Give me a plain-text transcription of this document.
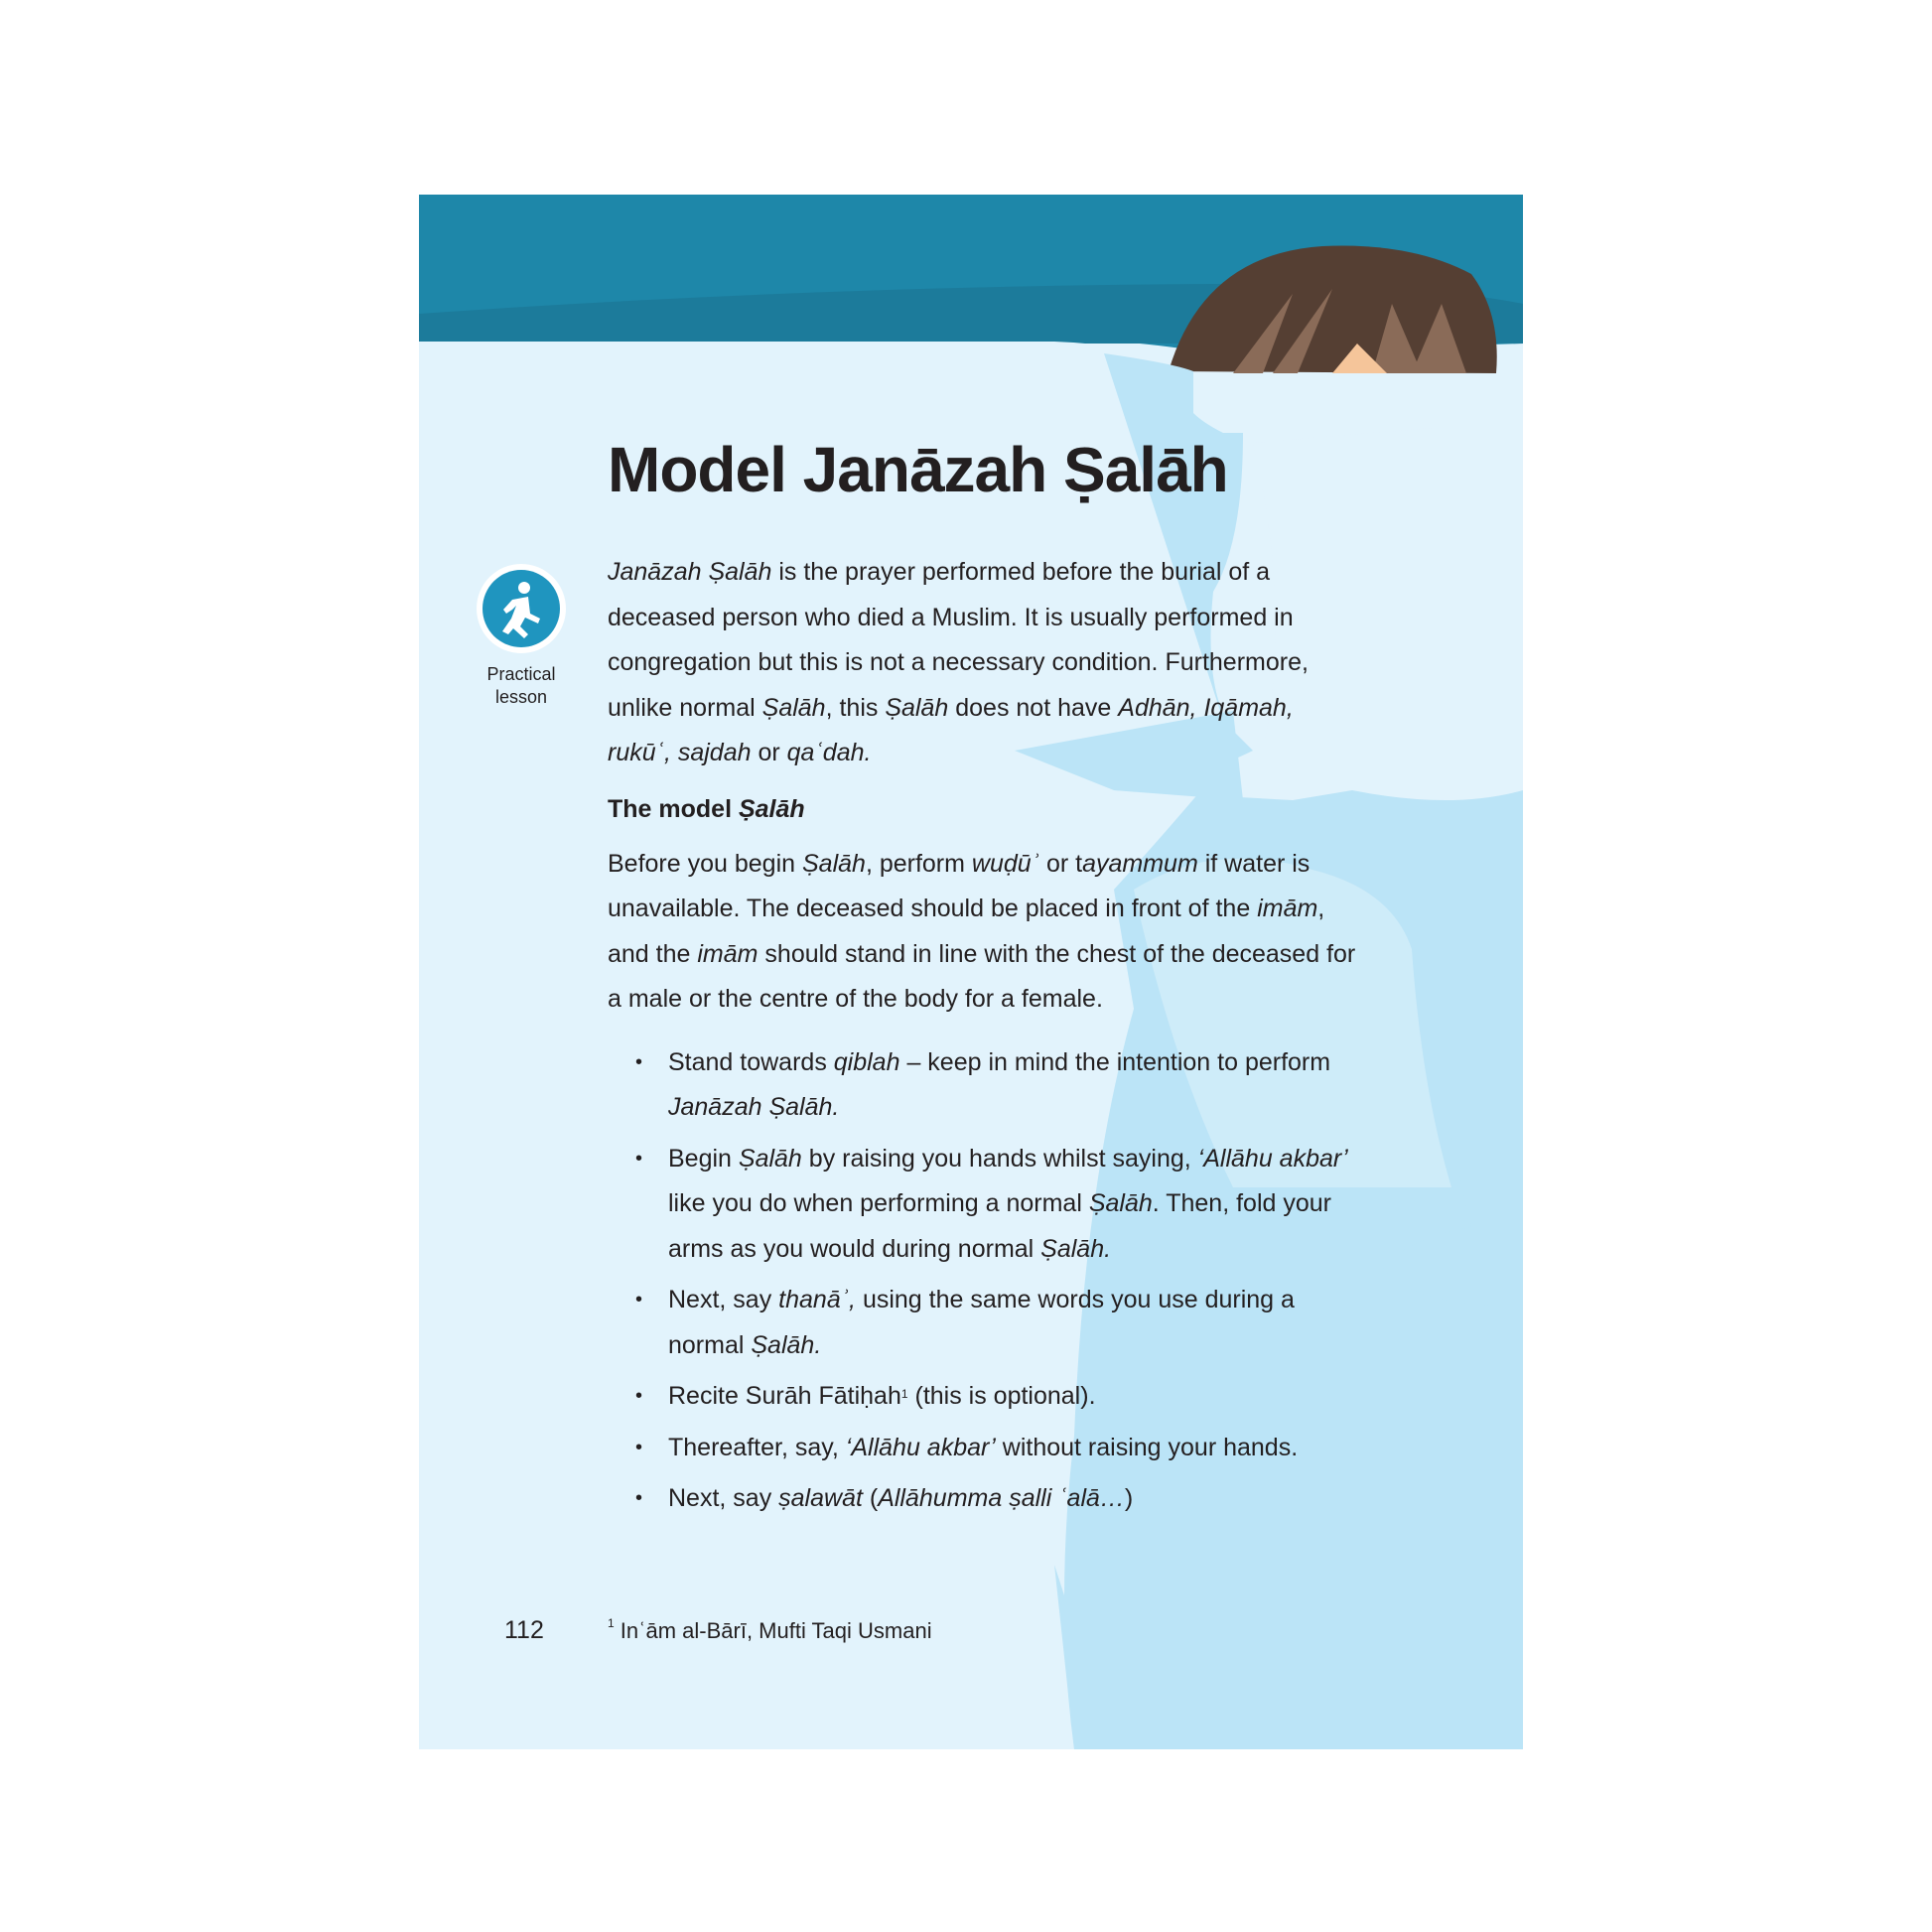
Model Janāzah Ṣalāh
Practical
lesson

Janāzah Ṣalāh is the prayer performed before the burial of a deceased person who died a Muslim. It is usually performed in congregation but this is not a necessary condition. Furthermore, unlike normal Ṣalāh, this Ṣalāh does not have Adhān, Iqāmah, rukūʿ, sajdah or qaʿdah.

The model Ṣalāh

Before you begin Ṣalāh, perform wuḍūʾ or tayammum if water is unavailable. The deceased should be placed in front of the imām, and the imām should stand in line with the chest of the deceased for a male or the centre of the body for a female.

• Stand towards qiblah – keep in mind the intention to perform Janāzah Ṣalāh.
• Begin Ṣalāh by raising you hands whilst saying, ‘Allāhu akbar’ like you do when performing a normal Ṣalāh. Then, fold your arms as you would during normal Ṣalāh.
• Next, say thanāʾ, using the same words you use during a normal Ṣalāh.
• Recite Surāh Fātiḥah$^1$ (this is optional).
• Thereafter, say, ‘Allāhu akbar’ without raising your hands.
• Next, say ṣalawāt (Allāhumma ṣalli ʿalā…)
112	$^1$ Inʿām al-Bārī, Mufti Taqi Usmani
